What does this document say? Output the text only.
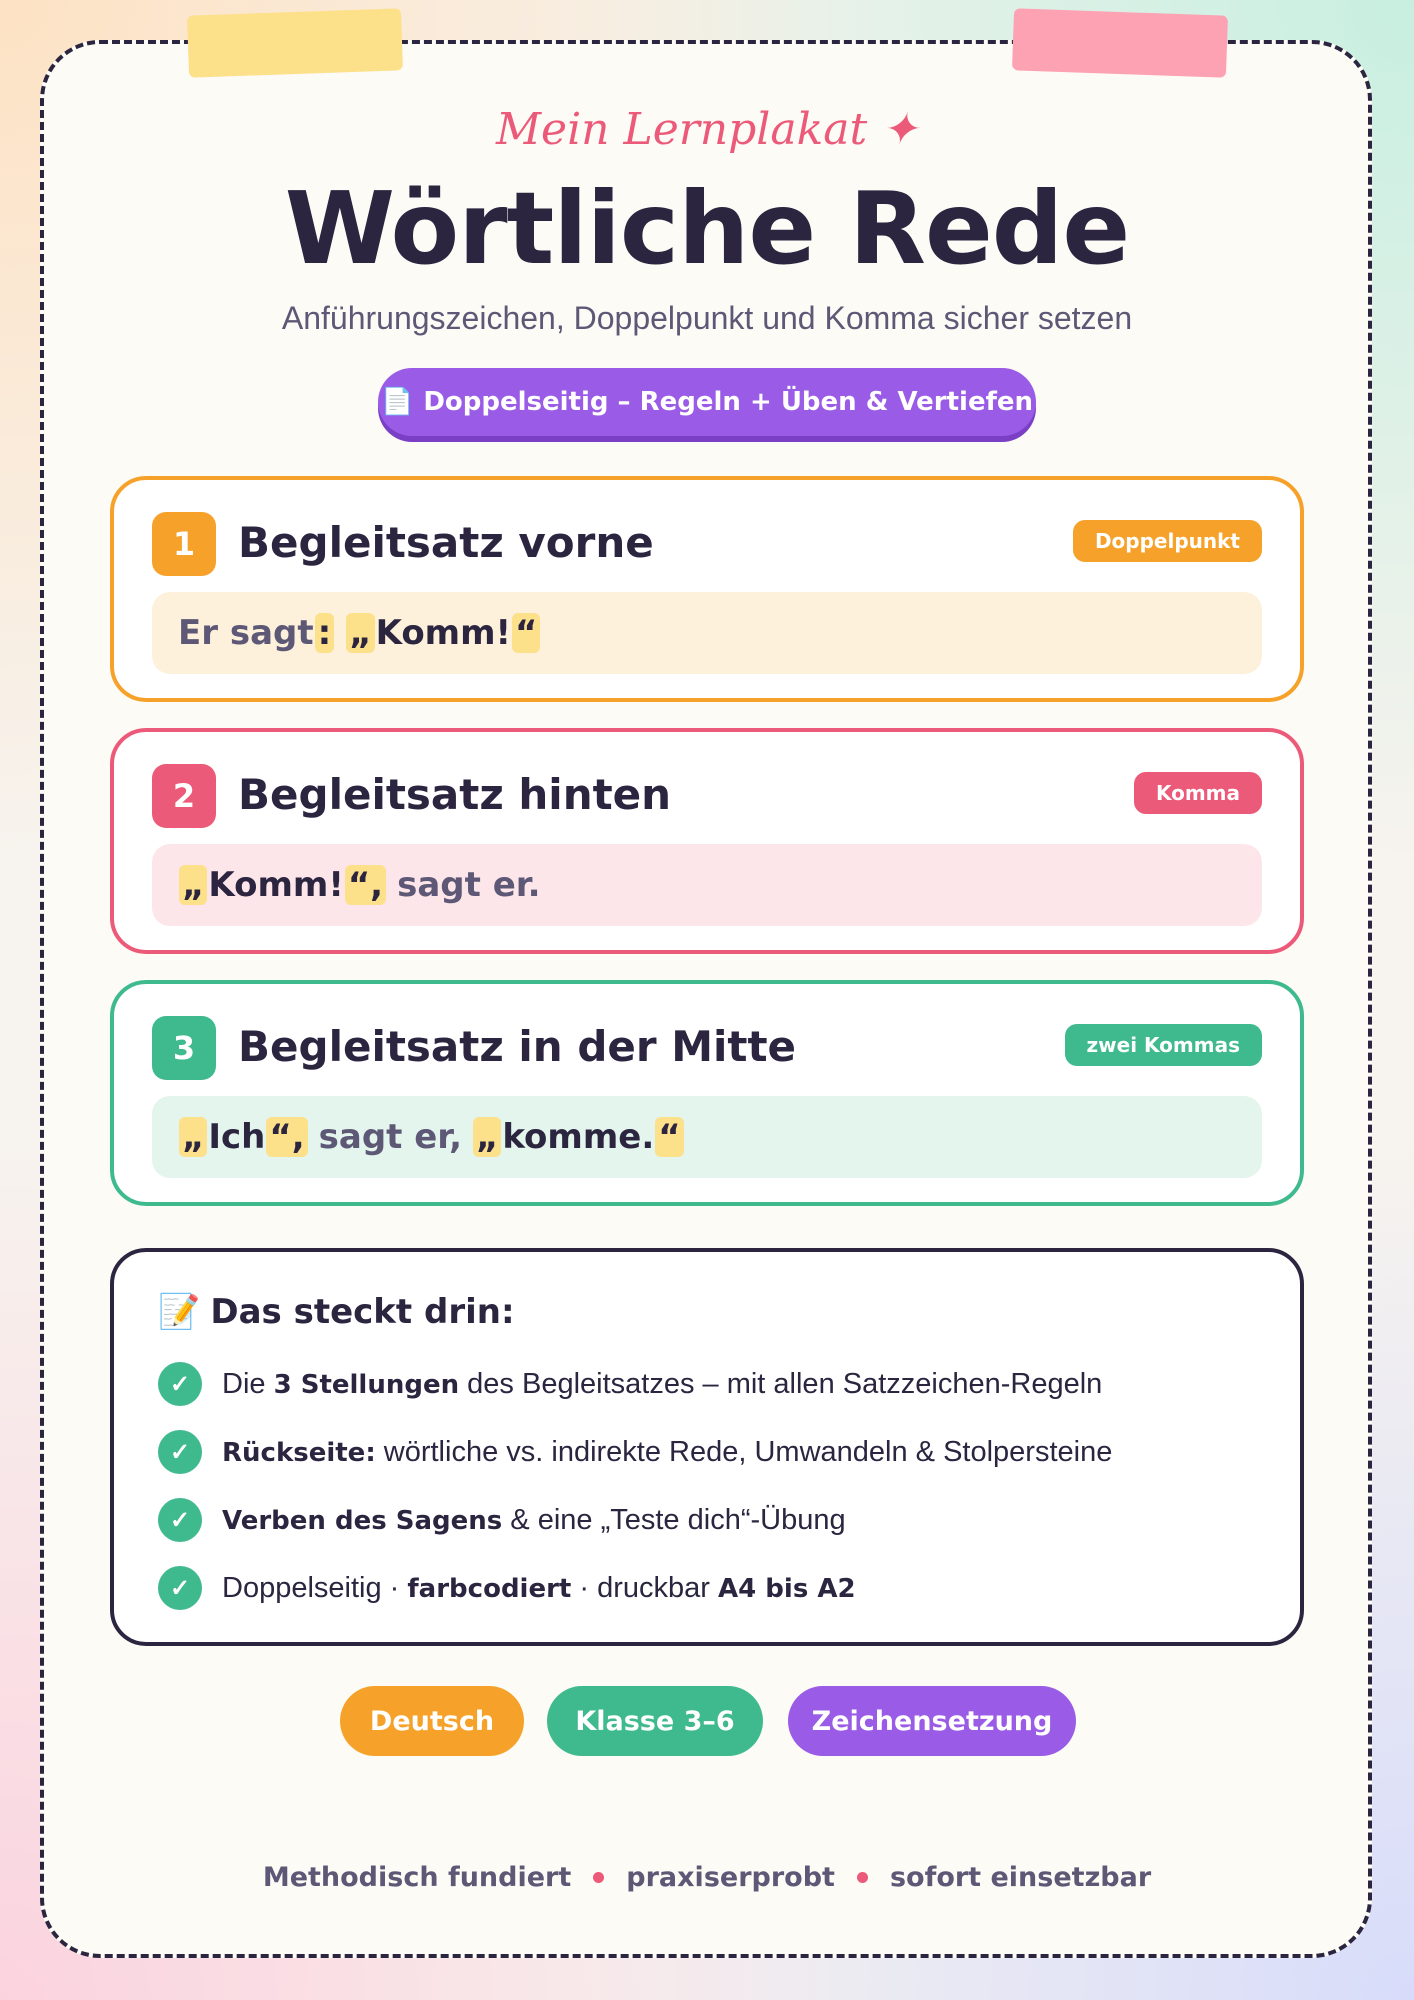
Mein Lernplakat ✦
Wörtliche Rede
Anführungszeichen, Doppelpunkt und Komma sicher setzen
📄 Doppelseitig – Regeln + Üben & Vertiefen
1	Begleitsatz vorne	Doppelpunkt
Er sagt : „ Komm! “
2	Begleitsatz hinten	Komma
„ Komm! “, sagt er.
3	Begleitsatz in der Mitte	zwei Kommas
„ Ich “, sagt er, „ komme. “
📝 Das steckt drin:
✓	Die 3 Stellungen des Begleitsatzes – mit allen Satzzeichen-Regeln
✓	Rückseite: wörtliche vs. indirekte Rede, Umwandeln & Stolpersteine
✓	Verben des Sagens & eine „Teste dich“-Übung
✓	Doppelseitig · farbcodiert · druckbar A4 bis A2
Deutsch	Klasse 3–6	Zeichensetzung
Methodisch fundiert praxiserprobt sofort einsetzbar
